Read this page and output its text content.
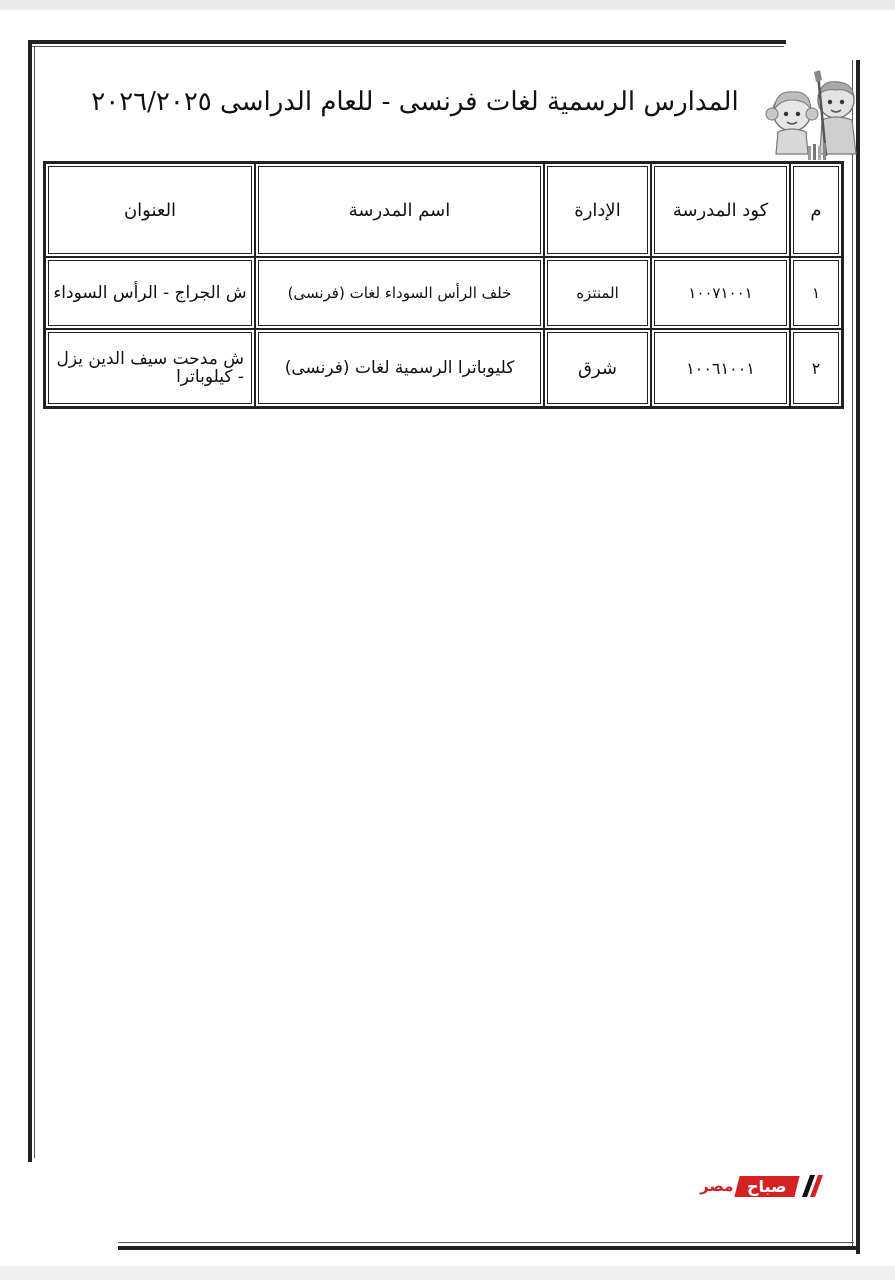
المدارس الرسمية لغات فرنسى - للعام الدراسى ٢٠٢٦/٢٠٢٥
م	كود المدرسة	الإدارة	اسم المدرسة	العنوان
١	١٠٠٧١٠٠١	المنتزه	خلف الرأس السوداء لغات (فرنسى)	ش الجراج - الرأس السوداء
٢	١٠٠٦١٠٠١	شرق	كليوباترا الرسمية لغات (فرنسى)	ش مدحت سيف الدين يزل - كيلوباترا
مصر صباح
